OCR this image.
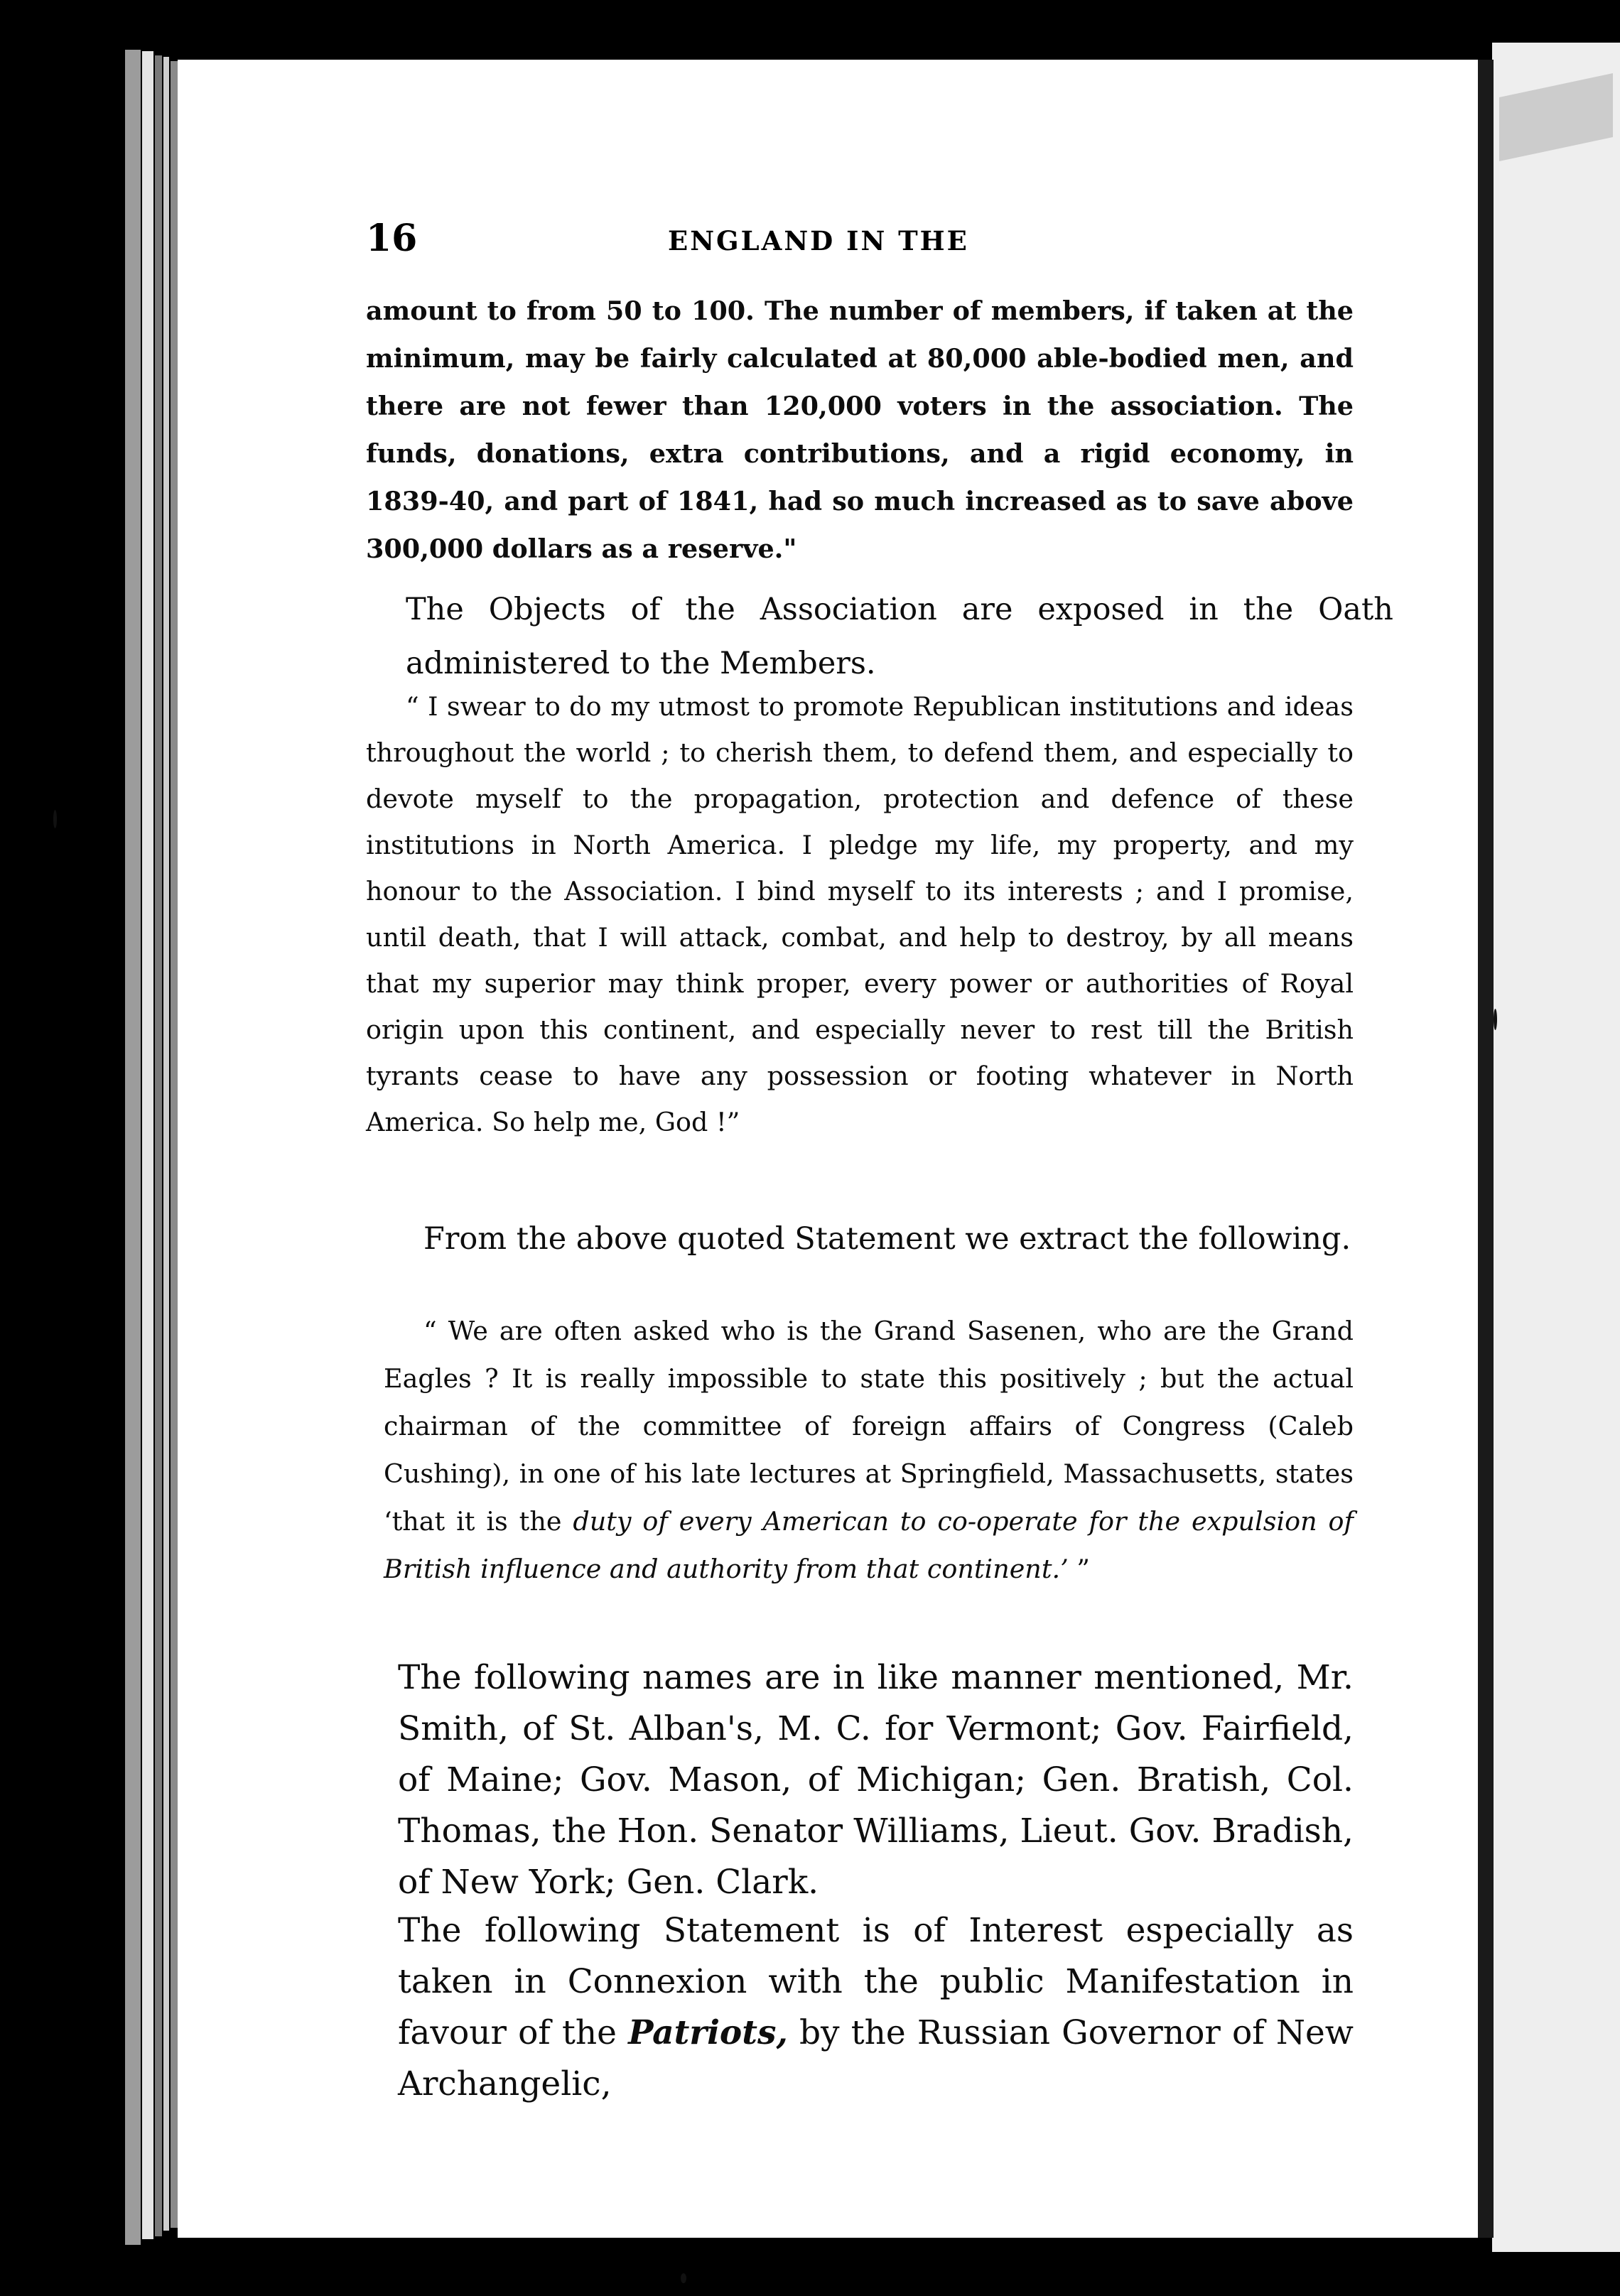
16	ENGLAND IN THE
amount to from 50 to 100. The number of members, if taken at the minimum, may be fairly calculated at 80,000 able-bodied men, and there are not fewer than 120,000 voters in the association. The funds, donations, extra contributions, and a rigid economy, in 1839-40, and part of 1841, had so much increased as to save above 300,000 dollars as a reserve."
The Objects of the Association are exposed in the Oath administered to the Members.
“ I swear to do my utmost to promote Republican institutions and ideas throughout the world ; to cherish them, to defend them, and especially to devote myself to the propagation, protection and defence of these institutions in North America. I pledge my life, my property, and my honour to the Association. I bind myself to its interests ; and I promise, until death, that I will attack, combat, and help to destroy, by all means that my superior may think proper, every power or authorities of Royal origin upon this continent, and especially never to rest till the British tyrants cease to have any possession or footing whatever in North America. So help me, God !”
From the above quoted Statement we extract the following.
“ We are often asked who is the Grand Sasenen, who are the Grand Eagles ? It is really impossible to state this positively ; but the actual chairman of the committee of foreign affairs of Congress (Caleb Cushing), in one of his late lectures at Springfield, Massachusetts, states ‘that it is the duty of every American to co-operate for the expulsion of British influence and authority from that continent.’ ”
The following names are in like manner mentioned, Mr. Smith, of St. Alban's, M. C. for Vermont; Gov. Fairfield, of Maine; Gov. Mason, of Michigan; Gen. Bratish, Col. Thomas, the Hon. Senator Williams, Lieut. Gov. Bradish, of New York; Gen. Clark.
The following Statement is of Interest especially as taken in Connexion with the public Manifestation in favour of the Patriots, by the Russian Governor of New Archangelic,
